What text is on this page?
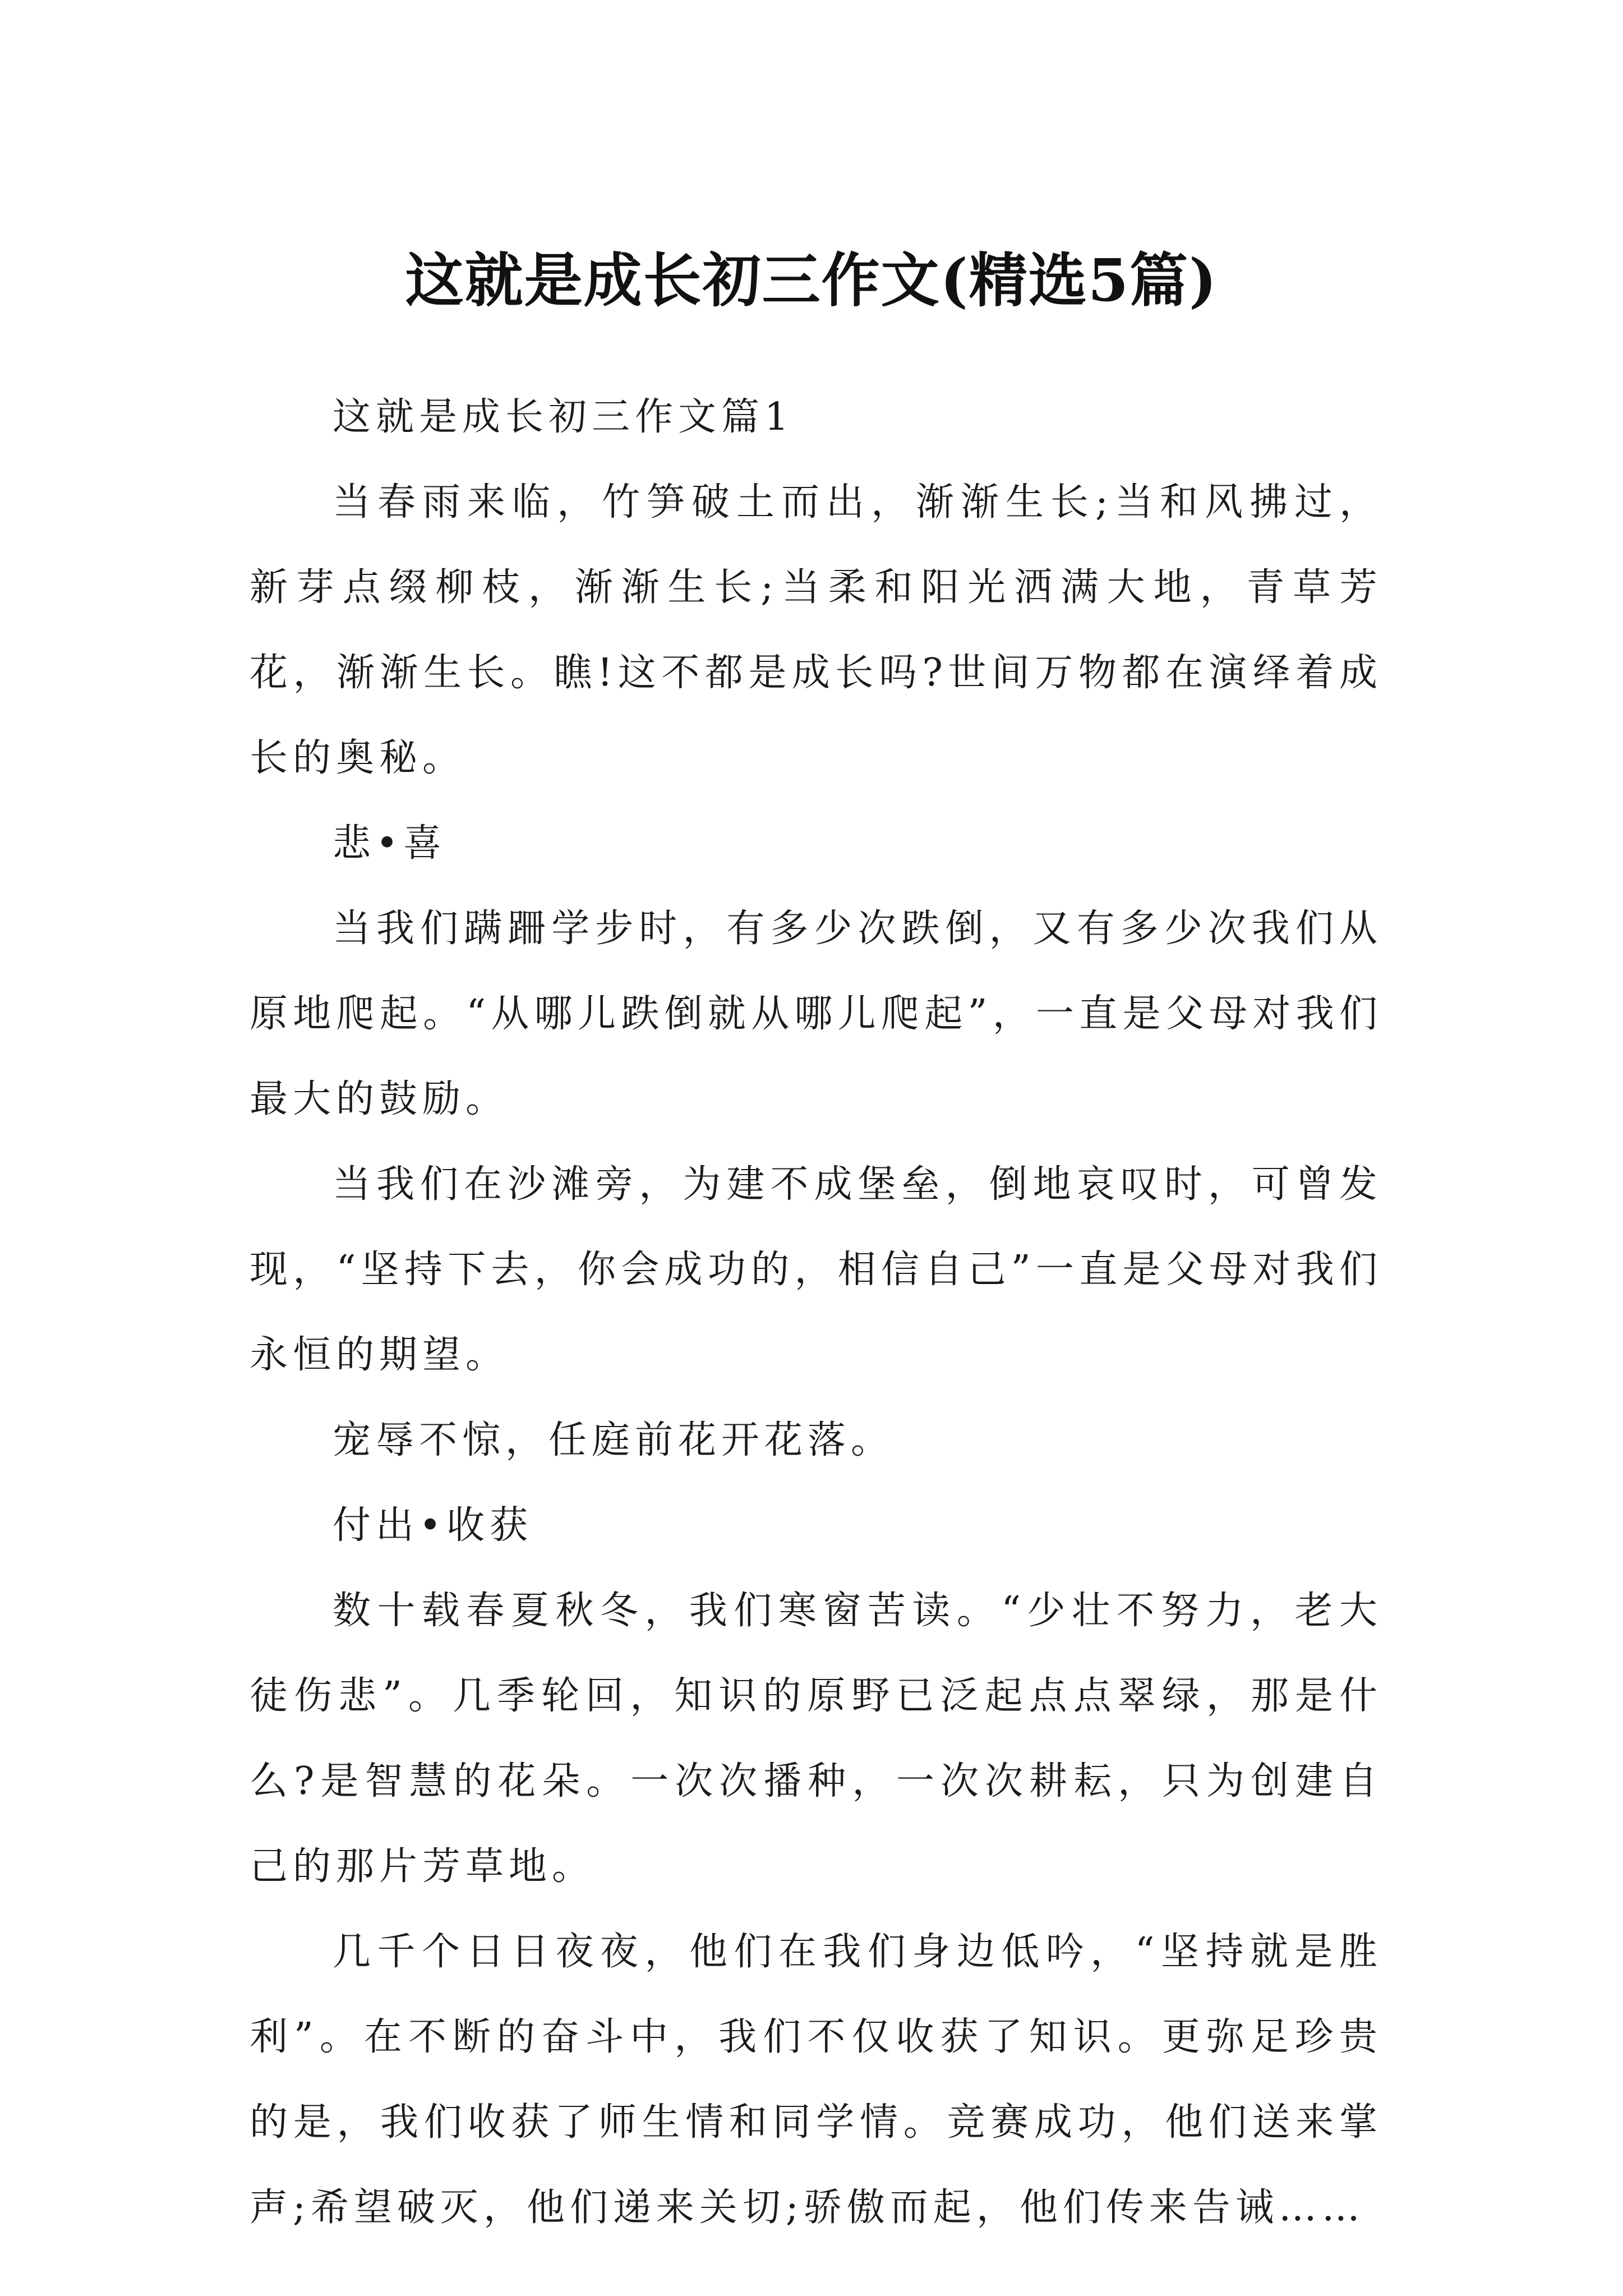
这就是成长初三作文(精选5篇)

这就是成长初三作文篇1

当春雨来临，竹笋破土而出，渐渐生长;当和风拂过，新芽点缀柳枝，渐渐生长;当柔和阳光洒满大地，青草芳花，渐渐生长。瞧!这不都是成长吗?世间万物都在演绎着成长的奥秘。

悲•喜

当我们蹒跚学步时，有多少次跌倒，又有多少次我们从原地爬起。“从哪儿跌倒就从哪儿爬起”，一直是父母对我们最大的鼓励。

当我们在沙滩旁，为建不成堡垒，倒地哀叹时，可曾发现，“坚持下去，你会成功的，相信自己”一直是父母对我们永恒的期望。

宠辱不惊，任庭前花开花落。

付出•收获

数十载春夏秋冬，我们寒窗苦读。“少壮不努力，老大徒伤悲”。几季轮回，知识的原野已泛起点点翠绿，那是什么?是智慧的花朵。一次次播种，一次次耕耘，只为创建自己的那片芳草地。

几千个日日夜夜，他们在我们身边低吟，“坚持就是胜利”。在不断的奋斗中，我们不仅收获了知识。更弥足珍贵的是，我们收获了师生情和同学情。竞赛成功，他们送来掌声;希望破灭，他们递来关切;骄傲而起，他们传来告诫……
